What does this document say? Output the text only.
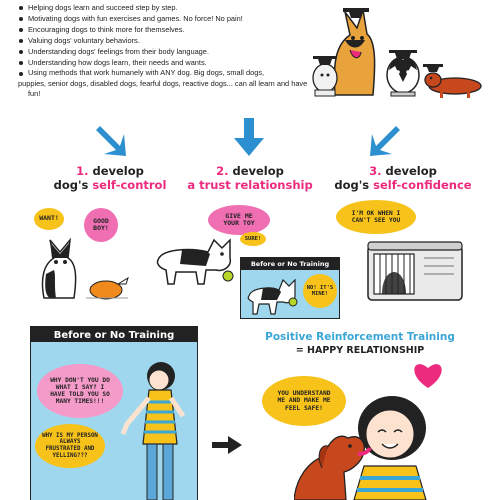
Helping dogs learn and succeed step by step.
Motivating dogs with fun exercises and games. No force! No pain!
Encouraging dogs to think more for themselves.
Valuing dogs' voluntary behaviors.
Understanding dogs' feelings from their body language.
Understanding how dogs learn, their needs and wants.
Using methods that work humanely with ANY dog. Big dogs, small dogs,
puppies, senior dogs, disabled dogs, fearful dogs, reactive dogs... can all learn and have fun!
1. develop
dog's self-control
2. develop
a trust relationship
3. develop
dog's self-confidence
WANT!	GOOD BOY!
GIVE ME YOUR TOY
SURE!
Before or No Training
NO! IT'S MINE!
I'M OK WHEN I CAN'T SEE YOU
Before or No Training
WHY DON'T YOU DO WHAT I SAY? I HAVE TOLD YOU SO MANY TIMES!!!
WHY IS MY PERSON ALWAYS FRUSTRATED AND YELLING???
Positive Reinforcement Training
= HAPPY RELATIONSHIP
YOU UNDERSTAND ME AND MAKE ME FEEL SAFE!
